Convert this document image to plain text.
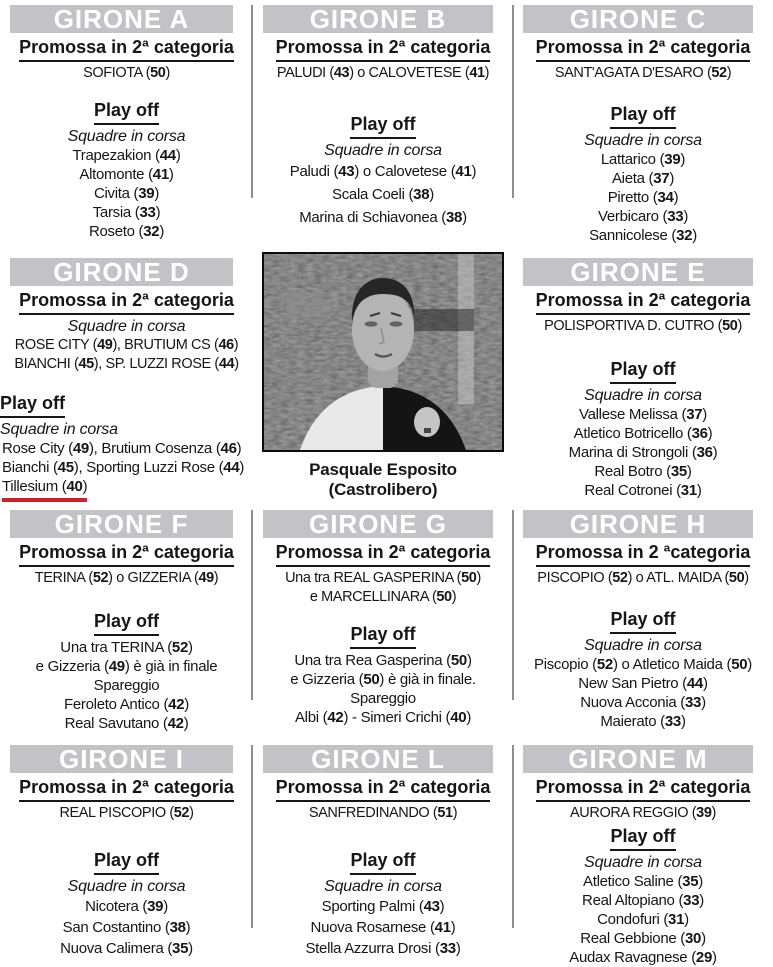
GIRONE A
Promossa in 2ª categoria
SOFIOTA (50)
Play off
Squadre in corsa
Trapezakion (44)
Altomonte (41)
Civita (39)
Tarsia (33)
Roseto (32)
GIRONE B
Promossa in 2ª categoria
PALUDI (43) o CALOVETESE (41)
Play off
Squadre in corsa
Paludi (43) o Calovetese (41)
Scala Coeli (38)
Marina di Schiavonea (38)
GIRONE C
Promossa in 2ª categoria
SANT'AGATA D'ESARO (52)
Play off
Squadre in corsa
Lattarico (39)
Aieta (37)
Piretto (34)
Verbicaro (33)
Sannicolese (32)
GIRONE D
Promossa in 2ª categoria
Squadre in corsa
ROSE CITY (49), BRUTIUM CS (46)
BIANCHI (45), SP. LUZZI ROSE (44)
Play off
Squadre in corsa
Rose City (49), Brutium Cosenza (46)
Bianchi (45), Sporting Luzzi Rose (44)
Tillesium (40)
Pasquale Esposito (Castrolibero)
GIRONE E
Promossa in 2ª categoria
POLISPORTIVA D. CUTRO (50)
Play off
Squadre in corsa
Vallese Melissa (37)
Atletico Botricello (36)
Marina di Strongoli (36)
Real Botro (35)
Real Cotronei (31)
GIRONE F
Promossa in 2ª categoria
TERINA (52) o GIZZERIA (49)
Play off
Una tra TERINA (52)
e Gizzeria (49) è già in finale
Spareggio
Feroleto Antico (42)
Real Savutano (42)
GIRONE G
Promossa in 2ª categoria
Una tra REAL GASPERINA (50)
e MARCELLINARA (50)
Play off
Una tra Rea Gasperina (50)
e Gizzeria (50) è già in finale.
Spareggio
Albi (42) - Simeri Crichi (40)
GIRONE H
Promossa in 2 ªcategoria
PISCOPIO (52) o ATL. MAIDA (50)
Play off
Squadre in corsa
Piscopio (52) o Atletico Maida (50)
New San Pietro (44)
Nuova Acconia (33)
Maierato (33)
GIRONE I
Promossa in 2ª categoria
REAL PISCOPIO (52)
Play off
Squadre in corsa
Nicotera (39)
San Costantino (38)
Nuova Calimera (35)
GIRONE L
Promossa in 2ª categoria
SANFREDINANDO (51)
Play off
Squadre in corsa
Sporting Palmi (43)
Nuova Rosarnese (41)
Stella Azzurra Drosi (33)
GIRONE M
Promossa in 2ª categoria
AURORA REGGIO (39)
Play off
Squadre in corsa
Atletico Saline (35)
Real Altopiano (33)
Condofuri (31)
Real Gebbione (30)
Audax Ravagnese (29)
